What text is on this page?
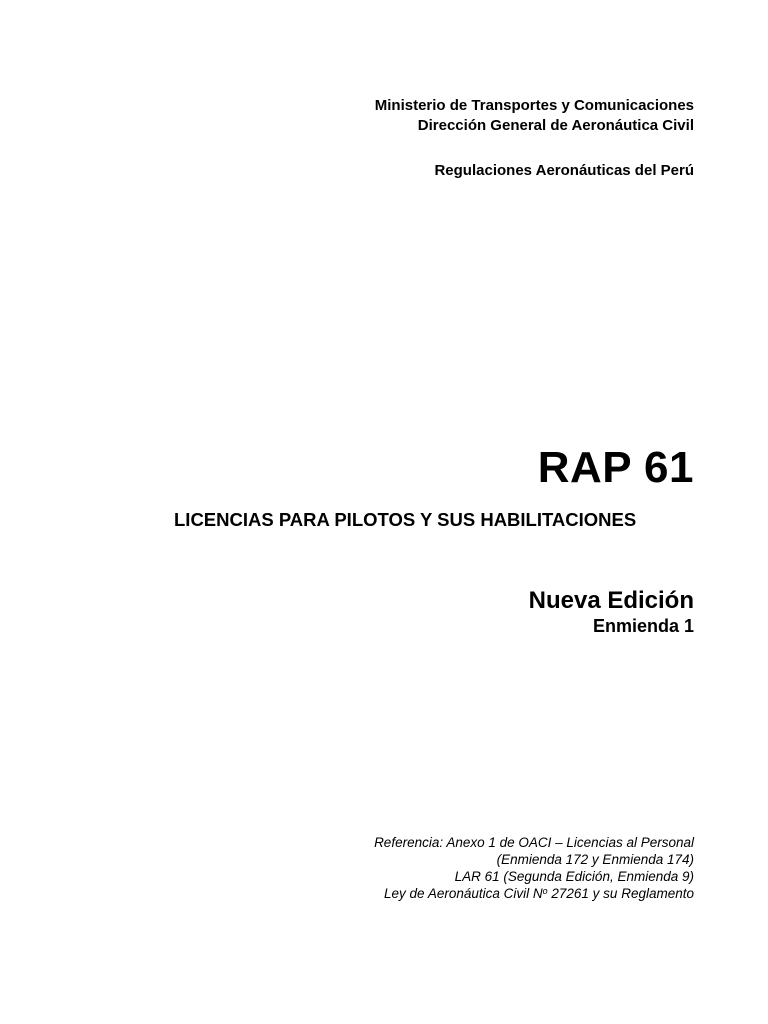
Ministerio de Transportes y Comunicaciones
Dirección General de Aeronáutica Civil
Regulaciones Aeronáuticas del Perú
RAP 61
LICENCIAS PARA PILOTOS Y SUS HABILITACIONES
Nueva Edición
Enmienda 1
Referencia: Anexo 1 de OACI – Licencias al Personal
(Enmienda 172 y Enmienda 174)
LAR 61 (Segunda Edición, Enmienda 9)
Ley de Aeronáutica Civil $N^o$ 27261 y su Reglamento
